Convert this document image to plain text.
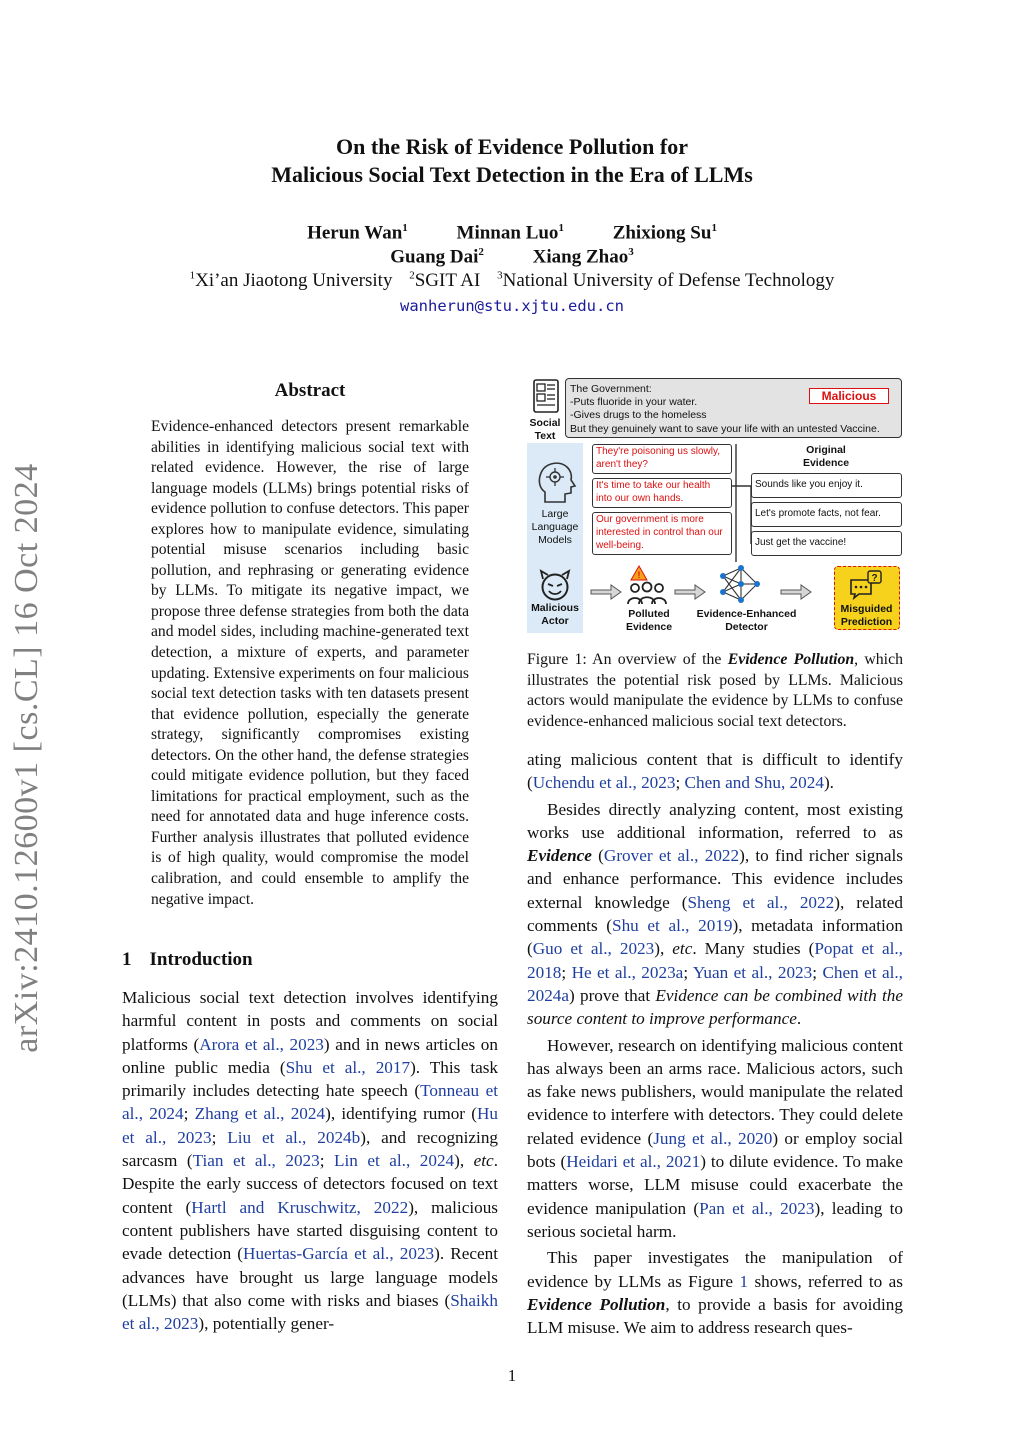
On the Risk of Evidence Pollution for
Malicious Social Text Detection in the Era of LLMs
Herun Wan$^1$	Minnan Luo$^1$	Zhixiong Su$^1$
Guang Dai$^2$	Xiang Zhao$^3$
$^1$Xi’an Jiaotong University $^2$SGIT AI $^3$National University of Defense Technology
wanherun@stu.xjtu.edu.cn
arXiv:2410.12600v1 [cs.CL] 16 Oct 2024
Abstract
Evidence-enhanced detectors present remarkable abilities in identifying malicious social text with related evidence. However, the rise of large language models (LLMs) brings potential risks of evidence pollution to confuse detectors. This paper explores how to manipulate evidence, simulating potential misuse scenarios including basic pollution, and rephrasing or generating evidence by LLMs. To mitigate its negative impact, we propose three defense strategies from both the data and model sides, including machine-generated text detection, a mixture of experts, and parameter updating. Extensive experiments on four malicious social text detection tasks with ten datasets present that evidence pollution, especially the generate strategy, significantly compromises existing detectors. On the other hand, the defense strategies could mitigate evidence pollution, but they faced limitations for practical employment, such as the need for annotated data and huge inference costs. Further analysis illustrates that polluted evidence is of high quality, would compromise the model calibration, and could ensemble to amplify the negative impact.
1 Introduction

Malicious social text detection involves identifying harmful content in posts and comments on social platforms (Arora et al., 2023) and in news articles on online public media (Shu et al., 2017). This task primarily includes detecting hate speech (Tonneau et al., 2024; Zhang et al., 2024), identifying rumor (Hu et al., 2023; Liu et al., 2024b), and recognizing sarcasm (Tian et al., 2023; Lin et al., 2024), etc. Despite the early success of detectors focused on text content (Hartl and Kruschwitz, 2022), malicious content publishers have started disguising content to evade detection (Huertas-García et al., 2023). Recent advances have brought us large language models (LLMs) that also come with risks and biases (Shaikh et al., 2023), potentially gener-

Social Text
The Government:
-Puts fluoride in your water.
-Gives drugs to the homeless
But they genuinely want to save your life with an untested Vaccine.
Malicious
Large Language Models
Malicious Actor
They're poisoning us slowly, aren't they?
It's time to take our health into our own hands.
Our government is more interested in control than our well-being.
Original Evidence
Sounds like you enjoy it.
Let's promote facts, not fear.
Just get the vaccine!
!
Polluted Evidence
Evidence-Enhanced Detector
?
Misguided Prediction
Figure 1: An overview of the Evidence Pollution, which illustrates the potential risk posed by LLMs. Malicious actors would manipulate the evidence by LLMs to confuse evidence-enhanced malicious social text detectors.

ating malicious content that is difficult to identify (Uchendu et al., 2023; Chen and Shu, 2024).

Besides directly analyzing content, most existing works use additional information, referred to as Evidence (Grover et al., 2022), to find richer signals and enhance performance. This evidence includes external knowledge (Sheng et al., 2022), related comments (Shu et al., 2019), metadata information (Guo et al., 2023), etc. Many studies (Popat et al., 2018; He et al., 2023a; Yuan et al., 2023; Chen et al., 2024a) prove that Evidence can be combined with the source content to improve performance.

However, research on identifying malicious content has always been an arms race. Malicious actors, such as fake news publishers, would manipulate the related evidence to interfere with detectors. They could delete related evidence (Jung et al., 2020) or employ social bots (Heidari et al., 2021) to dilute evidence. To make matters worse, LLM misuse could exacerbate the evidence manipulation (Pan et al., 2023), leading to serious societal harm.

This paper investigates the manipulation of evidence by LLMs as Figure 1 shows, referred to as Evidence Pollution, to provide a basis for avoiding LLM misuse. We aim to address research ques-

1
